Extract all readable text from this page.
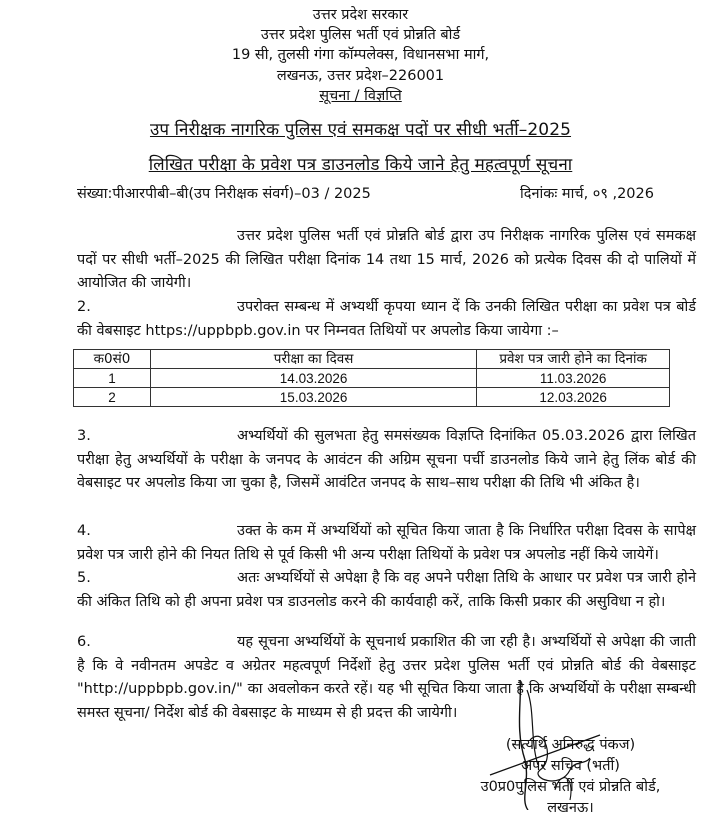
उत्तर प्रदेश सरकार
उत्तर प्रदेश पुलिस भर्ती एवं प्रोन्नति बोर्ड
19 सी, तुलसी गंगा कॉम्पलेक्स, विधानसभा मार्ग,
लखनऊ, उत्तर प्रदेश–226001
सूचना / विज्ञप्ति
उप निरीक्षक नागरिक पुलिस एवं समकक्ष पदों पर सीधी भर्ती–2025
लिखित परीक्षा के प्रवेश पत्र डाउनलोड किये जाने हेतु महत्वपूर्ण सूचना
संख्या:पीआरपीबी–बी(उप निरीक्षक संवर्ग)–03 / 2025	दिनांकः मार्च, ०९ ,2026
उत्तर प्रदेश पुलिस भर्ती एवं प्रोन्नति बोर्ड द्वारा उप निरीक्षक नागरिक पुलिस एवं समकक्ष पदों पर सीधी भर्ती–2025 की लिखित परीक्षा दिनांक 14 तथा 15 मार्च, 2026 को प्रत्येक दिवस की दो पालियों में आयोजित की जायेगी।
2.	उपरोक्त सम्बन्ध में अभ्यर्थी कृपया ध्यान दें कि उनकी लिखित परीक्षा का प्रवेश पत्र बोर्ड की वेबसाइट https://uppbpb.gov.in पर निम्नवत तिथियों पर अपलोड किया जायेगा :–
क0सं0	परीक्षा का दिवस	प्रवेश पत्र जारी होने का दिनांक
1	14.03.2026	11.03.2026
2	15.03.2026	12.03.2026
3.	अभ्यर्थियों की सुलभता हेतु समसंख्यक विज्ञप्ति दिनांकित 05.03.2026 द्वारा लिखित परीक्षा हेतु अभ्यर्थियों के परीक्षा के जनपद के आवंटन की अग्रिम सूचना पर्ची डाउनलोड किये जाने हेतु लिंक बोर्ड की वेबसाइट पर अपलोड किया जा चुका है, जिसमें आवंटित जनपद के साथ–साथ परीक्षा की तिथि भी अंकित है।
4.	उक्त के कम में अभ्यर्थियों को सूचित किया जाता है कि निर्धारित परीक्षा दिवस के सापेक्ष प्रवेश पत्र जारी होने की नियत तिथि से पूर्व किसी भी अन्य परीक्षा तिथियों के प्रवेश पत्र अपलोड नहीं किये जायेगें।
5.	अतः अभ्यर्थियों से अपेक्षा है कि वह अपने परीक्षा तिथि के आधार पर प्रवेश पत्र जारी होने की अंकित तिथि को ही अपना प्रवेश पत्र डाउनलोड करने की कार्यवाही करें, ताकि किसी प्रकार की असुविधा न हो।
6.	यह सूचना अभ्यर्थियों के सूचनार्थ प्रकाशित की जा रही है। अभ्यर्थियों से अपेक्षा की जाती है कि वे नवीनतम अपडेट व अग्रेतर महत्वपूर्ण निर्देशों हेतु उत्तर प्रदेश पुलिस भर्ती एवं प्रोन्नति बोर्ड की वेबसाइट "http://uppbpb.gov.in/" का अवलोकन करते रहें। यह भी सूचित किया जाता है कि अभ्यर्थियों के परीक्षा सम्बन्धी समस्त सूचना/ निर्देश बोर्ड की वेबसाइट के माध्यम से ही प्रदत्त की जायेगी।
(सत्यार्थ अनिरुद्ध पंकज)
अपर सचिव (भर्ती)
उ0प्र0पुलिस भर्ती एवं प्रोन्नति बोर्ड,
लखनऊ।
